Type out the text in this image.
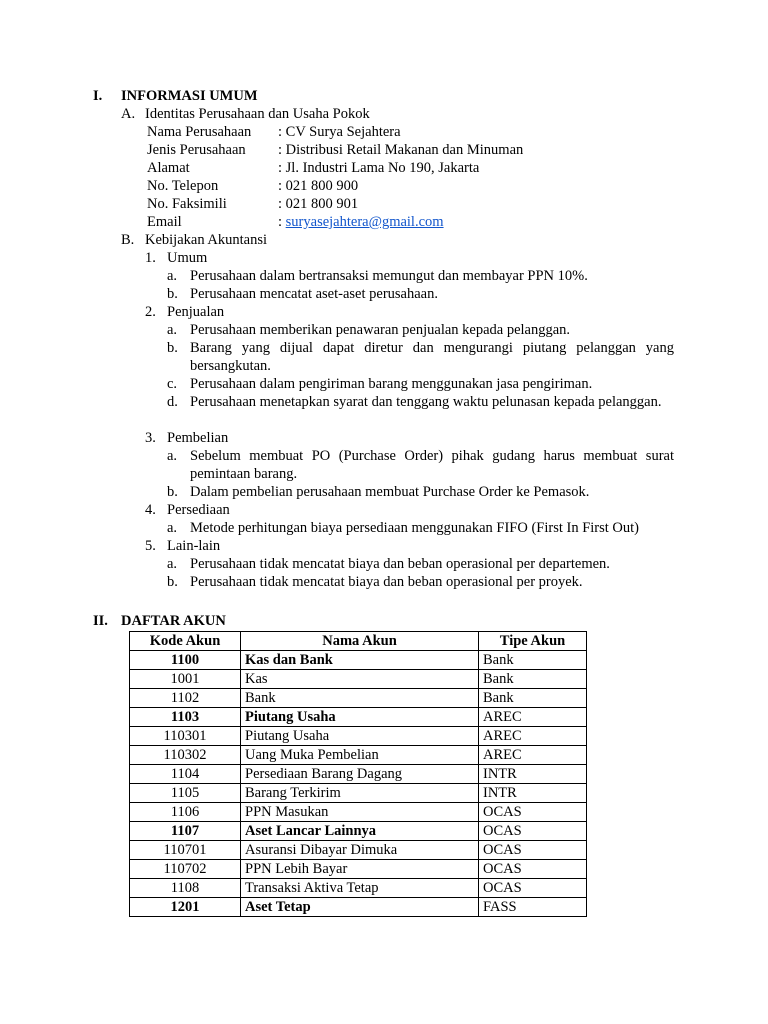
I. INFORMASI UMUM
A. Identitas Perusahaan dan Usaha Pokok
Nama Perusahaan : CV Surya Sejahtera
Jenis Perusahaan : Distribusi Retail Makanan dan Minuman
Alamat	: Jl. Industri Lama No 190, Jakarta
No. Telepon	: 021 800 900
No. Faksimili	: 021 800 901
Email	: suryasejahtera@gmail.com
B. Kebijakan Akuntansi
1. Umum
a. Perusahaan dalam bertransaksi memungut dan membayar PPN 10%.
b. Perusahaan mencatat aset-aset perusahaan.
2. Penjualan
a. Perusahaan memberikan penawaran penjualan kepada pelanggan.
b. Barang yang dijual dapat diretur dan mengurangi piutang pelanggan yang bersangkutan.
c. Perusahaan dalam pengiriman barang menggunakan jasa pengiriman.
d. Perusahaan menetapkan syarat dan tenggang waktu pelunasan kepada pelanggan.
3. Pembelian
a. Sebelum membuat PO (Purchase Order) pihak gudang harus membuat surat pemintaan barang.
b. Dalam pembelian perusahaan membuat Purchase Order ke Pemasok.
4. Persediaan
a. Metode perhitungan biaya persediaan menggunakan FIFO (First In First Out)
5. Lain-lain
a. Perusahaan tidak mencatat biaya dan beban operasional per departemen.
b. Perusahaan tidak mencatat biaya dan beban operasional per proyek.
II. DAFTAR AKUN
Kode Akun	Nama Akun	Tipe Akun
1100	Kas dan Bank	Bank
1001	Kas	Bank
1102	Bank	Bank
1103	Piutang Usaha	AREC
110301	Piutang Usaha	AREC
110302	Uang Muka Pembelian	AREC
1104	Persediaan Barang Dagang	INTR
1105	Barang Terkirim	INTR
1106	PPN Masukan	OCAS
1107	Aset Lancar Lainnya	OCAS
110701	Asuransi Dibayar Dimuka	OCAS
110702	PPN Lebih Bayar	OCAS
1108	Transaksi Aktiva Tetap	OCAS
1201	Aset Tetap	FASS
